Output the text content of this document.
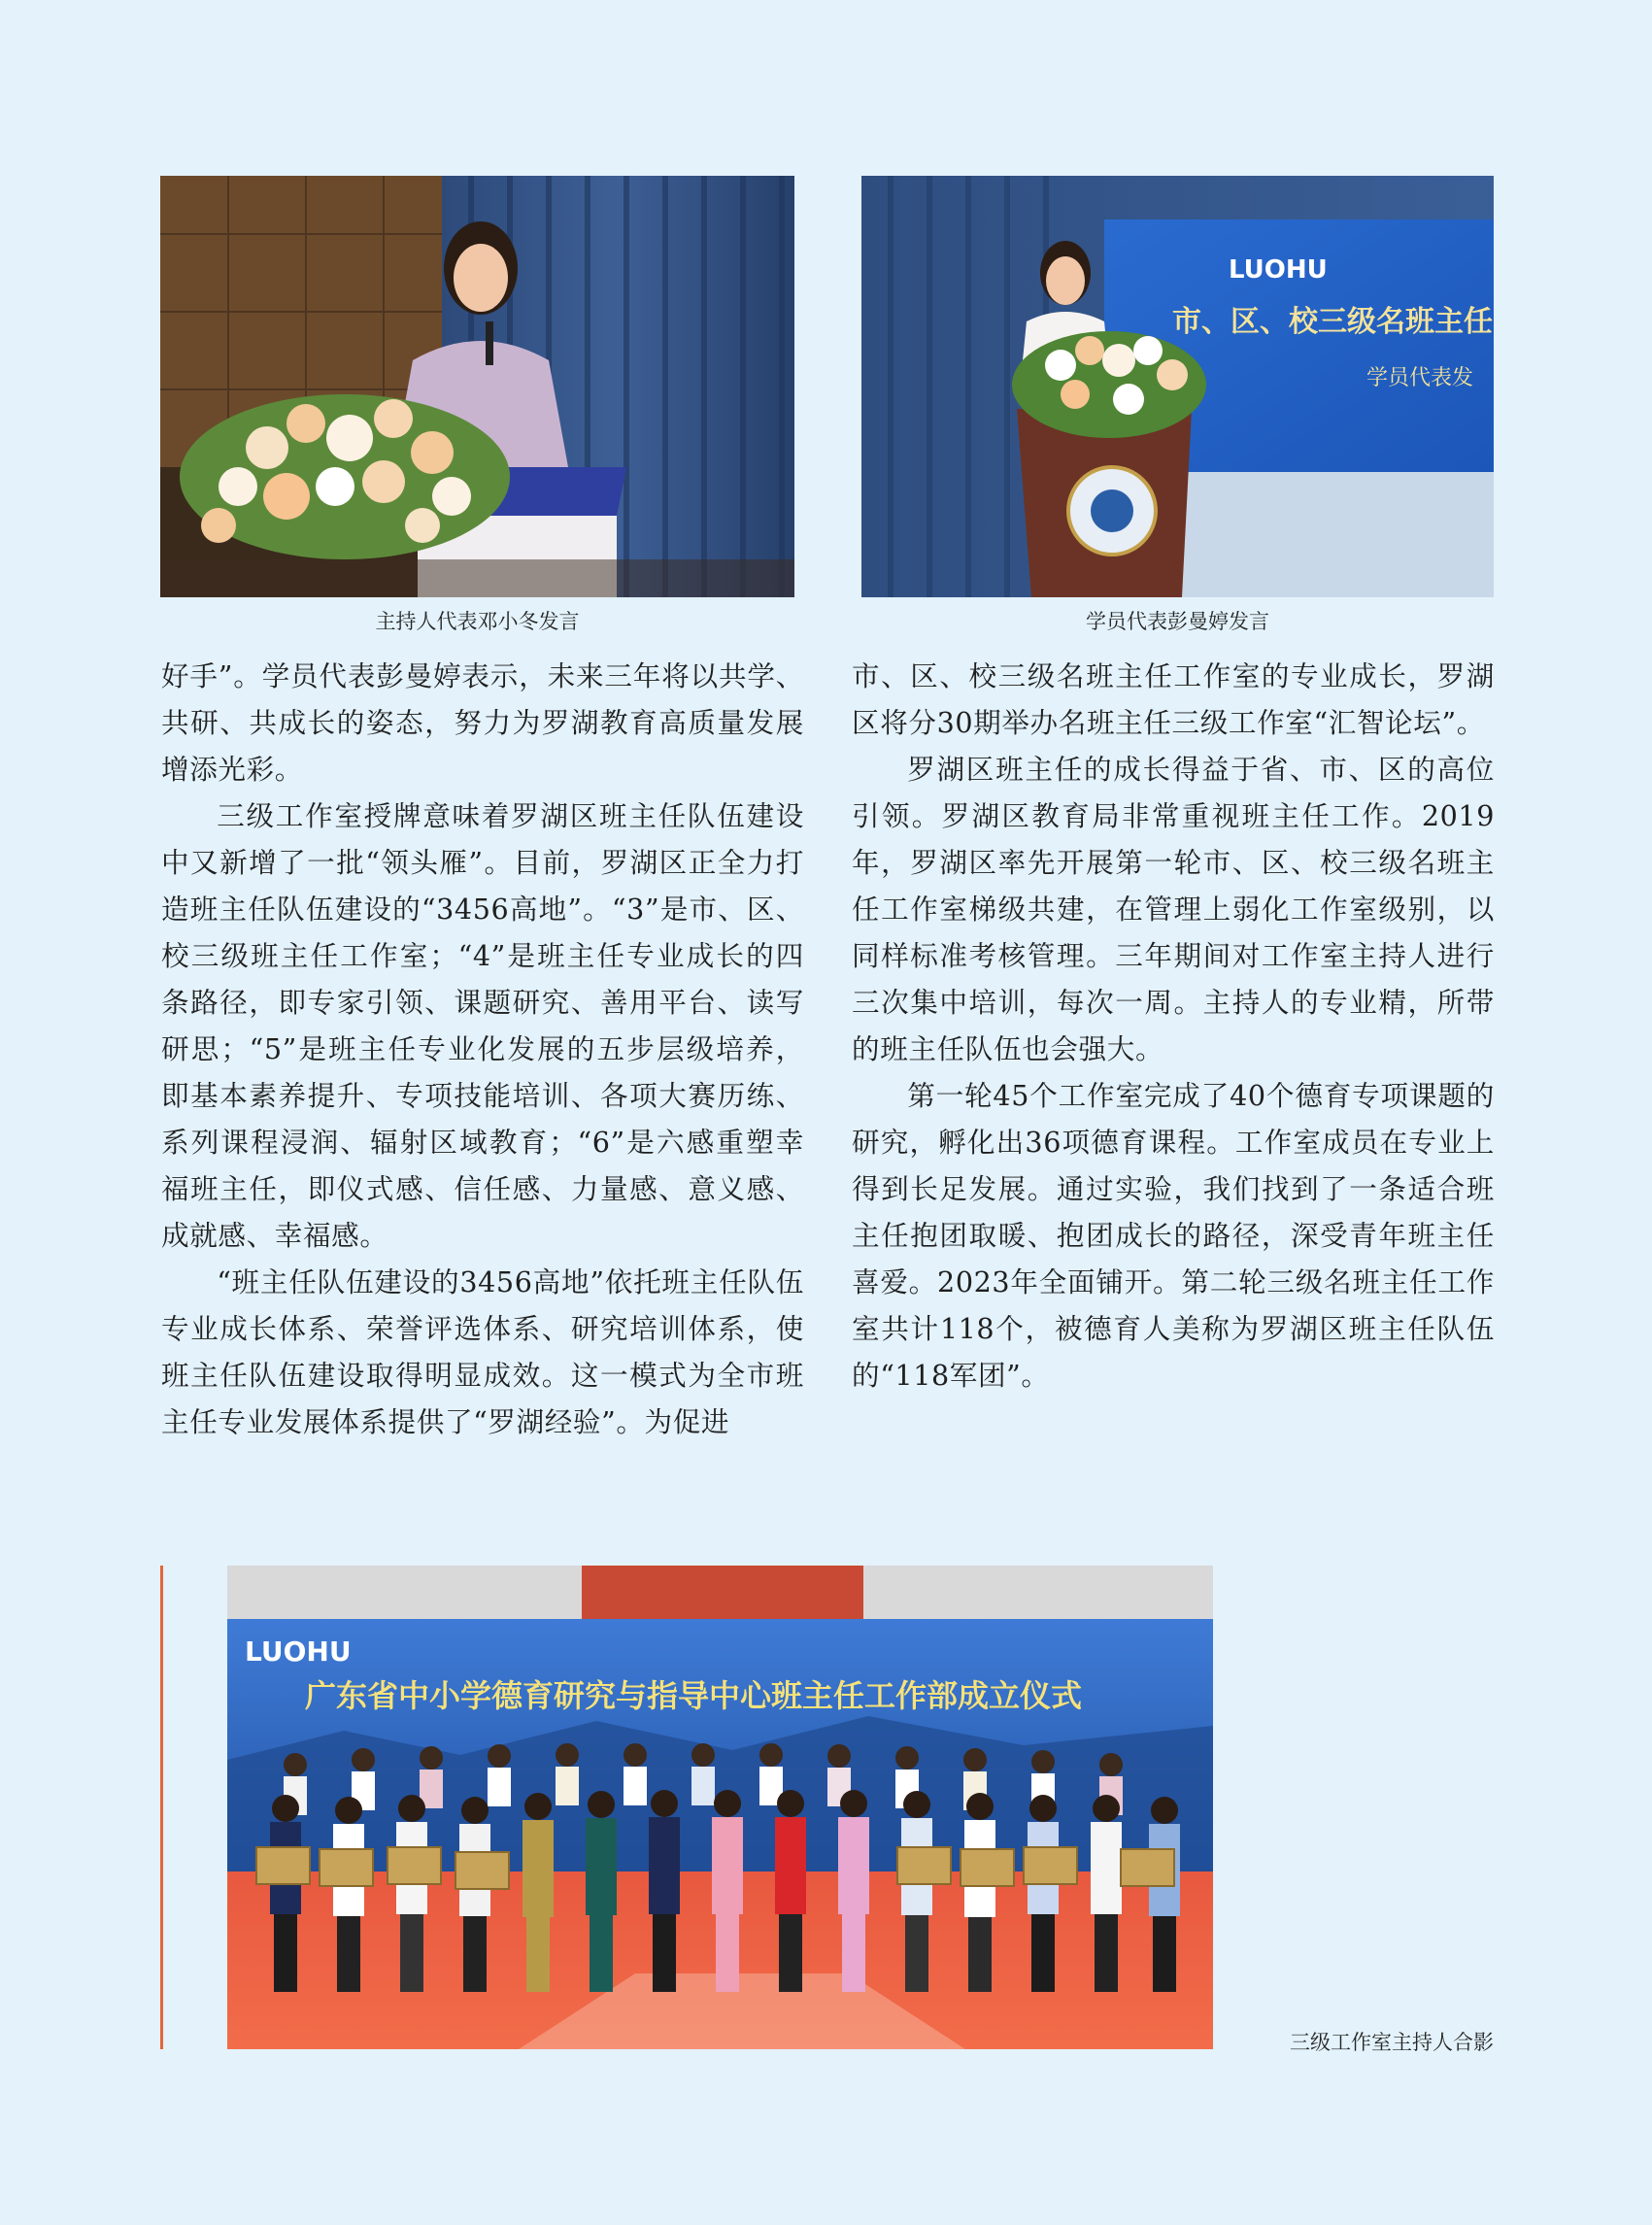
主持人代表邓小冬发言
LUOHU
市、区、校三级名班主任
学员代表发
学员代表彭曼婷发言

好手”。学员代表彭曼婷表示，未来三年将以共学、共研、共成长的姿态，努力为罗湖教育高质量发展增添光彩。

三级工作室授牌意味着罗湖区班主任队伍建设中又新增了一批“领头雁”。目前，罗湖区正全力打造班主任队伍建设的“3456高地”。“3”是市、区、校三级班主任工作室；“4”是班主任专业成长的四条路径，即专家引领、课题研究、善用平台、读写研思；“5”是班主任专业化发展的五步层级培养，即基本素养提升、专项技能培训、各项大赛历练、系列课程浸润、辐射区域教育；“6”是六感重塑幸福班主任，即仪式感、信任感、力量感、意义感、成就感、幸福感。

“班主任队伍建设的3456高地”依托班主任队伍专业成长体系、荣誉评选体系、研究培训体系，使班主任队伍建设取得明显成效。这一模式为全市班主任专业发展体系提供了“罗湖经验”。为促进

市、区、校三级名班主任工作室的专业成长，罗湖区将分30期举办名班主任三级工作室“汇智论坛”。

罗湖区班主任的成长得益于省、市、区的高位引领。罗湖区教育局非常重视班主任工作。2019年，罗湖区率先开展第一轮市、区、校三级名班主任工作室梯级共建，在管理上弱化工作室级别，以同样标准考核管理。三年期间对工作室主持人进行三次集中培训，每次一周。主持人的专业精，所带的班主任队伍也会强大。

第一轮45个工作室完成了40个德育专项课题的研究，孵化出36项德育课程。工作室成员在专业上得到长足发展。通过实验，我们找到了一条适合班主任抱团取暖、抱团成长的路径，深受青年班主任喜爱。2023年全面铺开。第二轮三级名班主任工作室共计118个，被德育人美称为罗湖区班主任队伍的“118军团”。

LUOHU
广东省中小学德育研究与指导中心班主任工作部成立仪式
三级工作室主持人合影
